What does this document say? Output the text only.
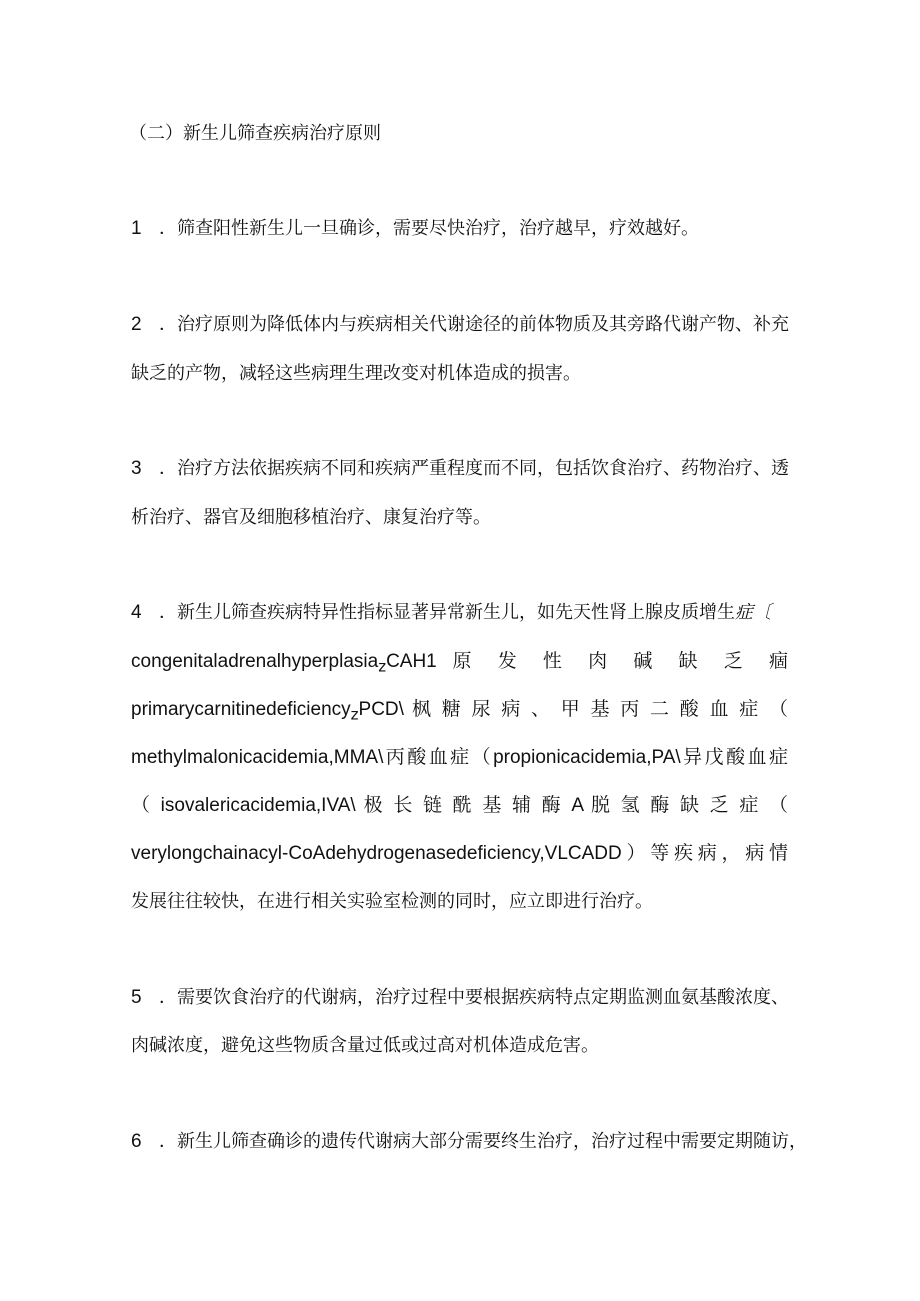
（二）新生儿筛查疾病治疗原则
1 ．筛查阳性新生儿一旦确诊，需要尽快治疗，治疗越早，疗效越好。
2 ．治疗原则为降低体内与疾病相关代谢途径的前体物质及其旁路代谢产物、补充
缺乏的产物，减轻这些病理生理改变对机体造成的损害。
3 ．治疗方法依据疾病不同和疾病严重程度而不同，包括饮食治疗、药物治疗、透
析治疗、器官及细胞移植治疗、康复治疗等。
4 ．新生儿筛查疾病特异性指标显著异常新生儿，如先天性肾上腺皮质增生症〔
congenitaladrenalhyperplasia$_z$CAH1 原 发 性 肉 碱 缺 乏 痼
primarycarnitinedeficiency$_z$PCD\ 枫 糖 尿 病 、 甲 基 丙 二 酸 血 症 （
methylmalonicacidemia,MMA\丙酸血症（propionicacidemia,PA\异戊酸血症
（ isovalericacidemia,IVA\ 极 长 链 酰 基 辅 酶 A 脱 氢 酶 缺 乏 症 （
verylongchainacyl-CoAdehydrogenasedeficiency,VLCADD）等疾病，病情
发展往往较快，在进行相关实验室检测的同时，应立即进行治疗。
5 ．需要饮食治疗的代谢病，治疗过程中要根据疾病特点定期监测血氨基酸浓度、
肉碱浓度，避免这些物质含量过低或过高对机体造成危害。
6 ．新生儿筛查确诊的遗传代谢病大部分需要终生治疗，治疗过程中需要定期随访，
